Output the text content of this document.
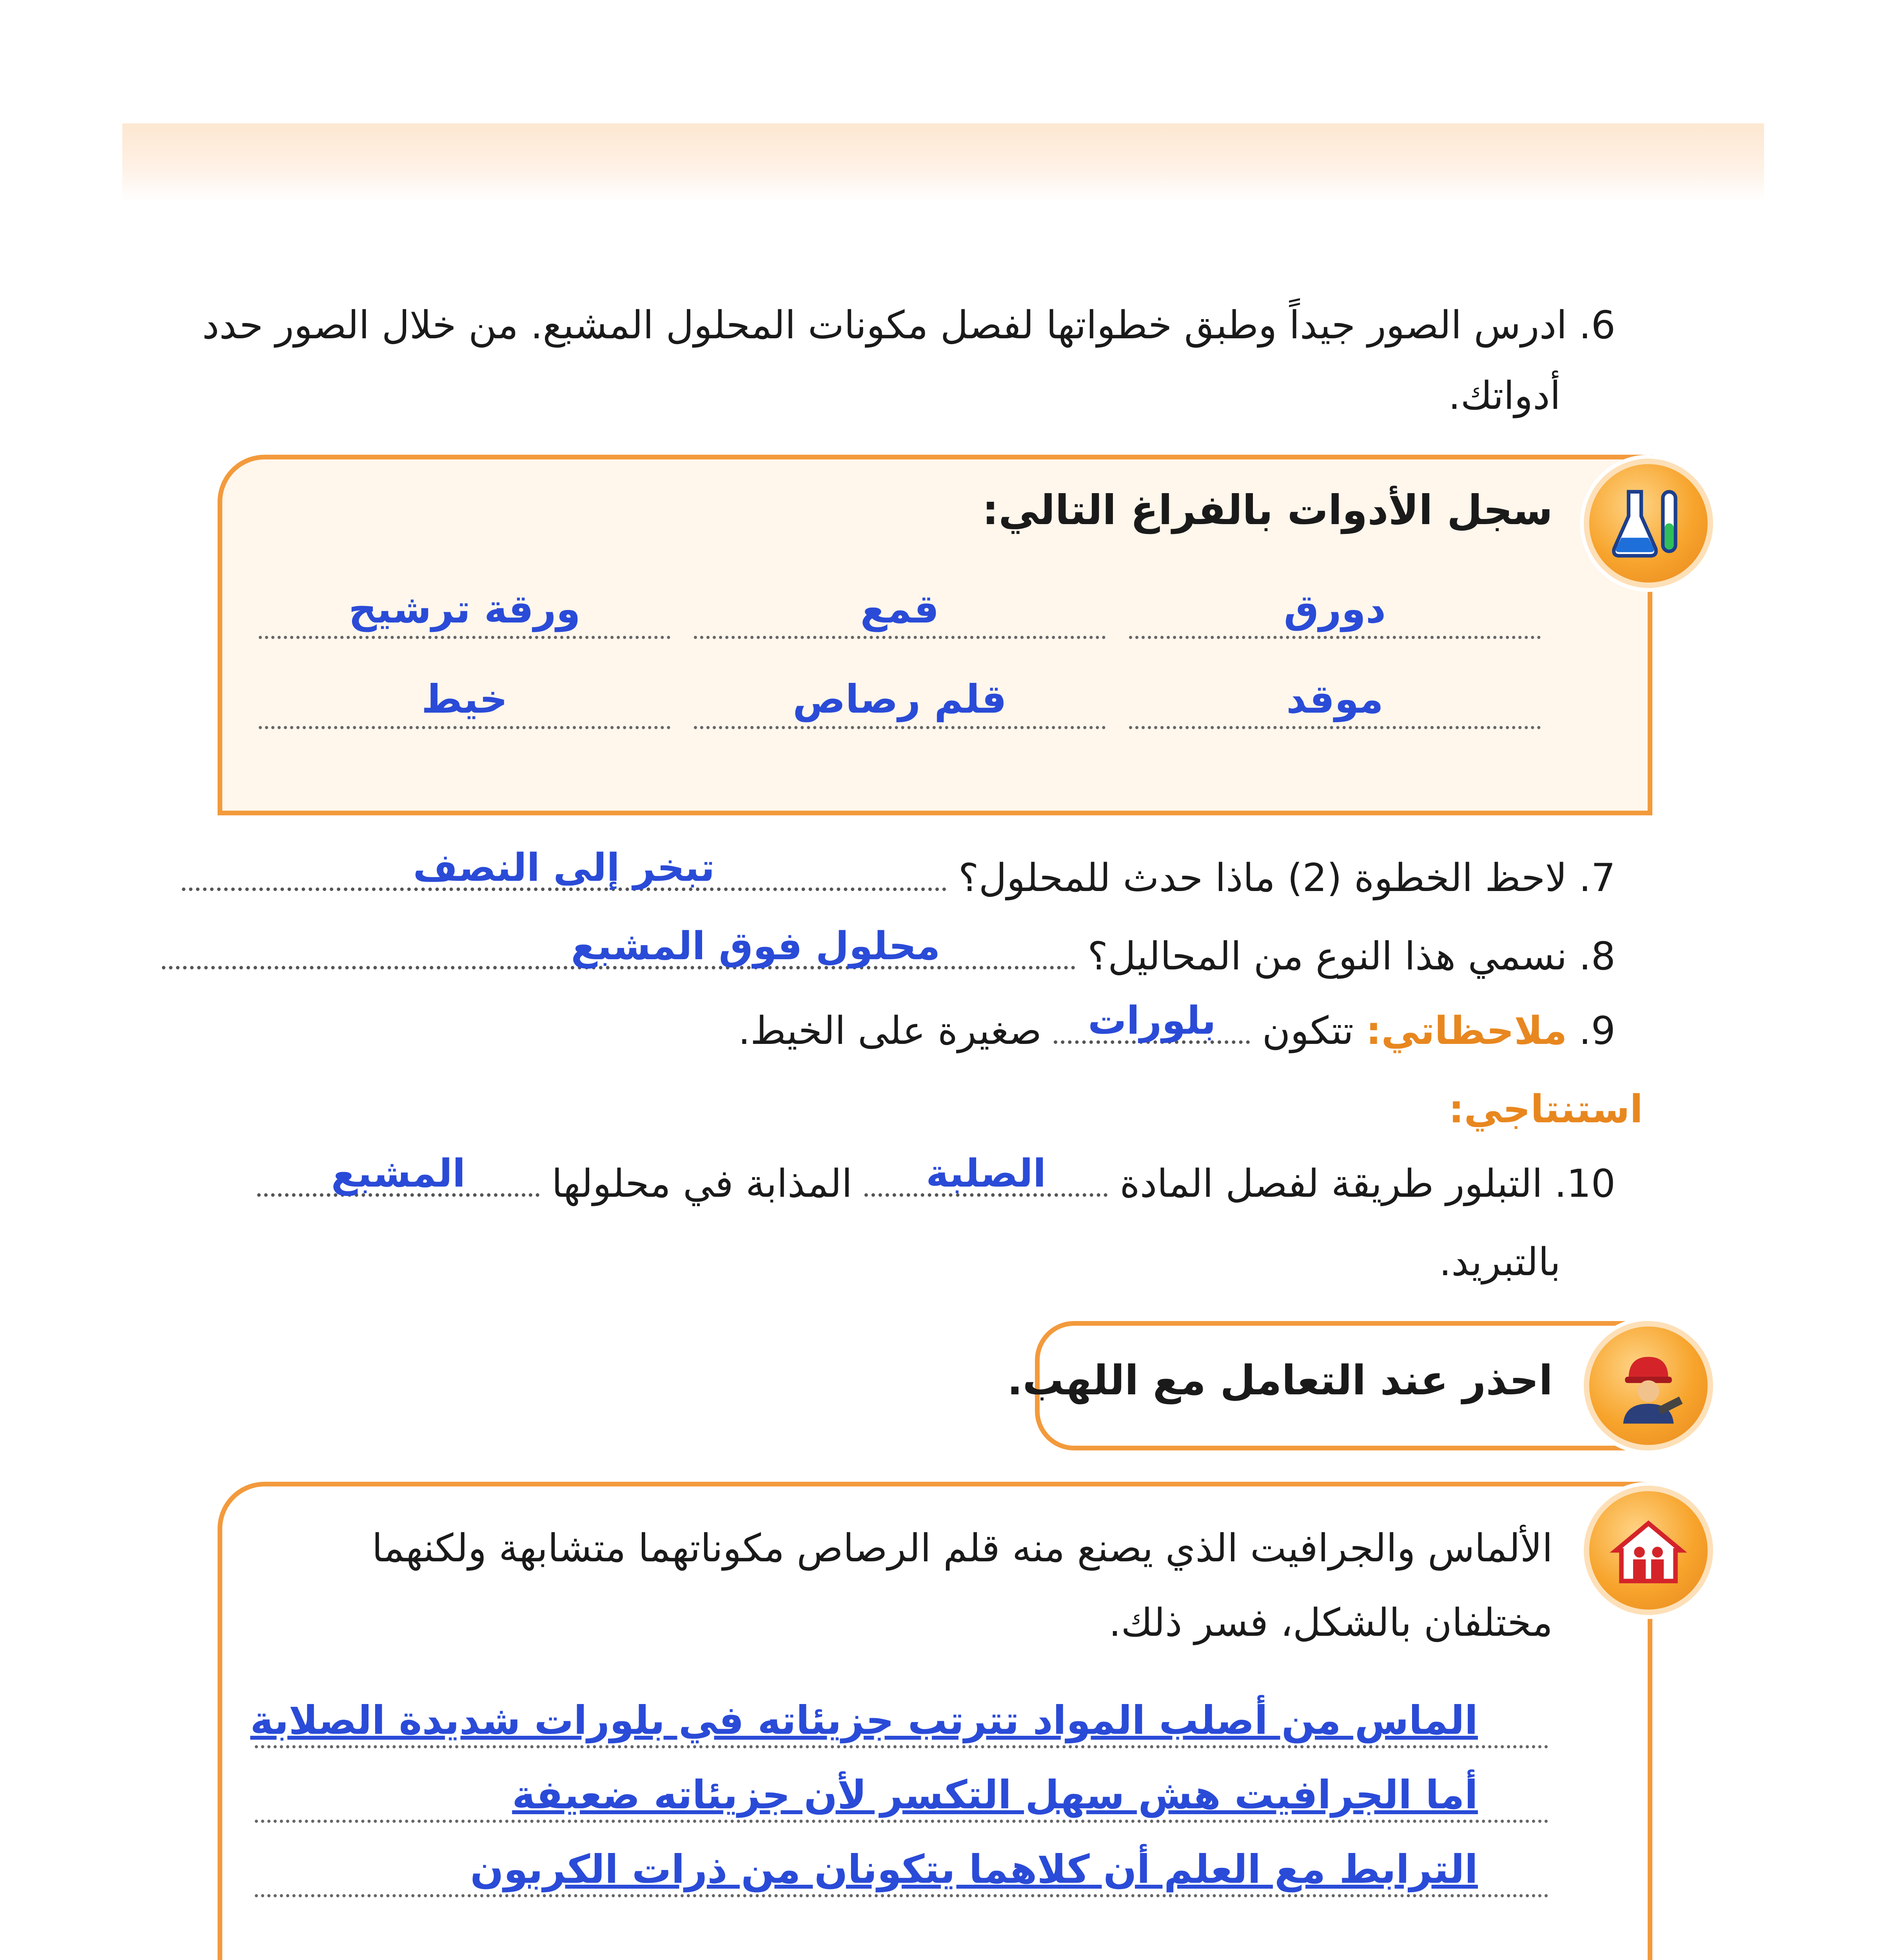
6.ادرس الصور جيداً وطبق خطواتها لفصل مكونات المحلول المشبع. من خلال الصور حدد
أدواتك.
سجل الأدوات بالفراغ التالي:
دورق
قمع
ورقة ترشيح
موقد
قلم رصاص
خيط
7.لاحظ الخطوة (2) ماذا حدث للمحلول؟
تبخر إلى النصف
8.نسمي هذا النوع من المحاليل؟
محلول فوق المشبع
9.ملاحظاتي: تتكون
بلورات
صغيرة على الخيط.
استنتاجي:
10.التبلور طريقة لفصل المادة
الصلبة
المذابة في محلولها
المشبع
بالتبريد.
احذر عند التعامل مع اللهب.
الألماس والجرافيت الذي يصنع منه قلم الرصاص مكوناتهما متشابهة ولكنهما
مختلفان بالشكل، فسر ذلك.
الماس من أصلب المواد تترتب جزيئاته في بلورات شديدة الصلابة
أما الجرافيت هش سهل التكسر لأن جزيئاته ضعيفة
الترابط مع العلم أن كلاهما يتكونان من ذرات الكربون
